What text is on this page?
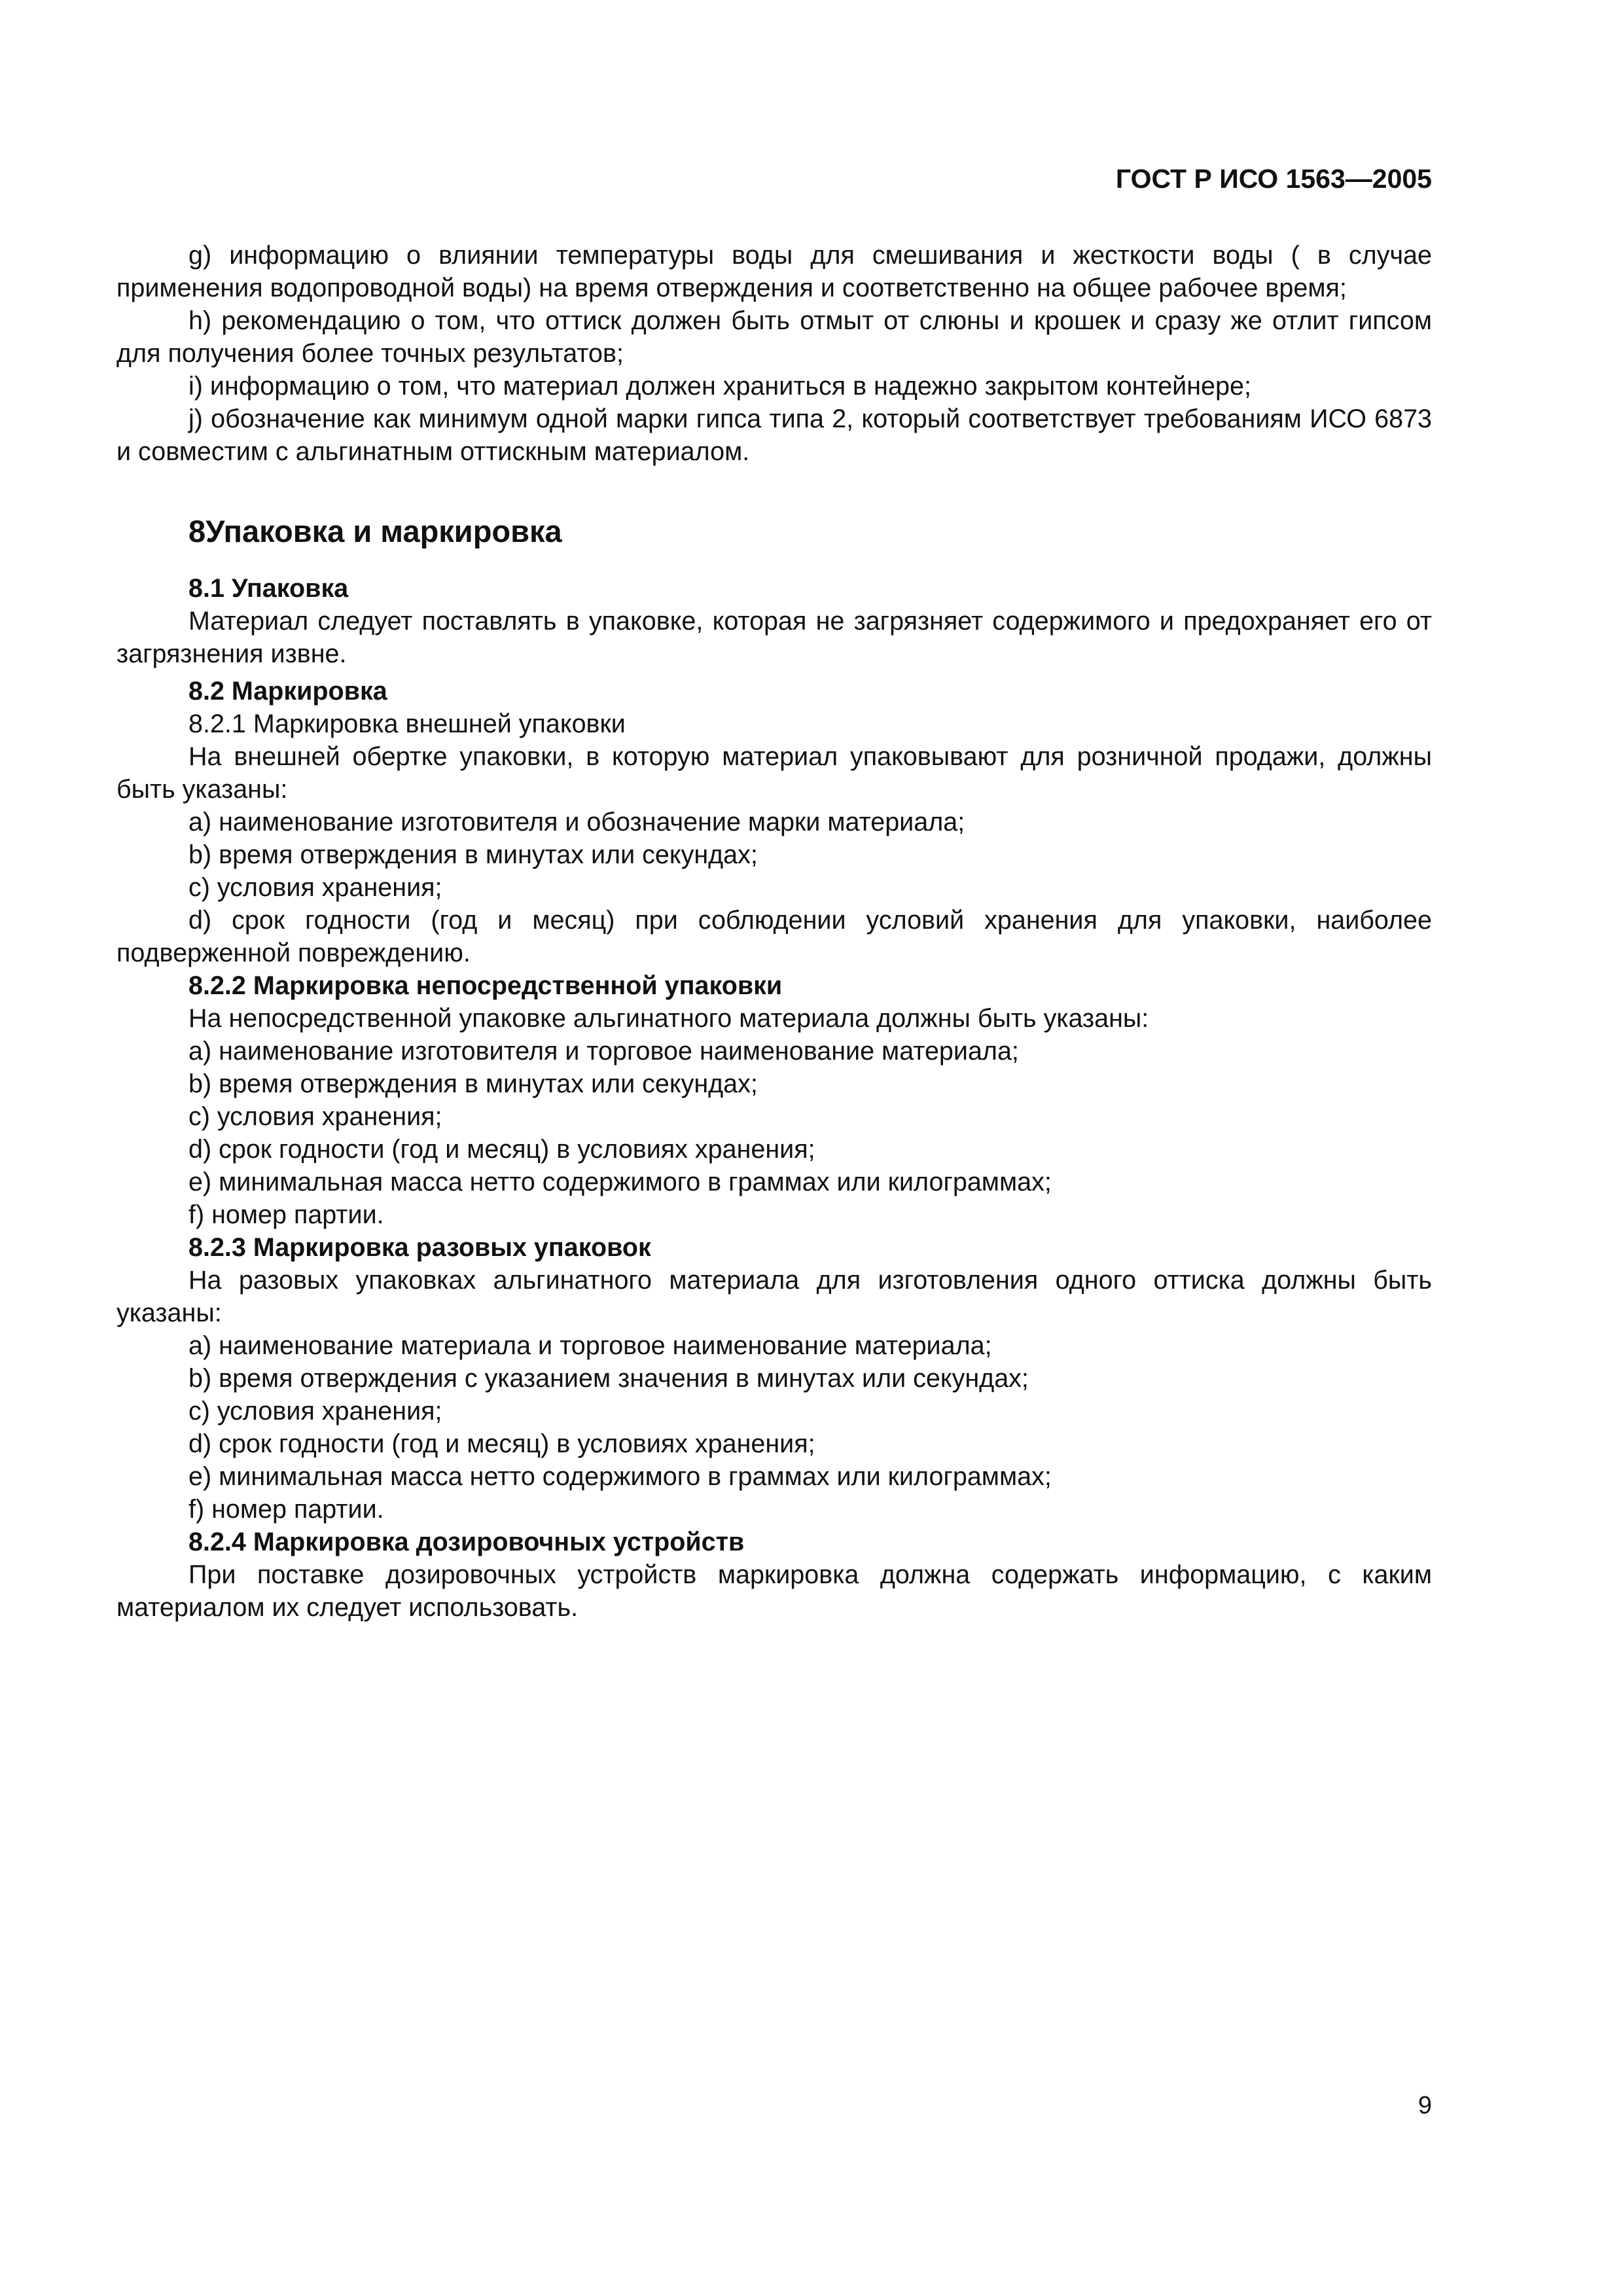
ГОСТ Р ИСО 1563—2005

g) информацию о влиянии температуры воды для смешивания и жесткости воды ( в случае применения водопроводной воды) на время отверждения и соответственно на общее рабочее время;

h) рекомендацию о том, что оттиск должен быть отмыт от слюны и крошек и сразу же отлит гипсом для получения более точных результатов;

i) информацию о том, что материал должен храниться в надежно закрытом контейнере;

j) обозначение как минимум одной марки гипса типа 2, который соответствует требованиям ИСО 6873 и совместим с альгинатным оттискным материалом.

8Упаковка и маркировка
8.1 Упаковка

Материал следует поставлять в упаковке, которая не загрязняет содержимого и предохраняет его от загрязнения извне.

8.2 Маркировка

8.2.1 Маркировка внешней упаковки

На внешней обертке упаковки, в которую материал упаковывают для розничной продажи, должны быть указаны:

a) наименование изготовителя и обозначение марки материала;

b) время отверждения в минутах или секундах;

c) условия хранения;

d) срок годности (год и месяц) при соблюдении условий хранения для упаковки, наиболее подверженной повреждению.

8.2.2 Маркировка непосредственной упаковки

На непосредственной упаковке альгинатного материала должны быть указаны:

a) наименование изготовителя и торговое наименование материала;

b) время отверждения в минутах или секундах;

c) условия хранения;

d) срок годности (год и месяц) в условиях хранения;

e) минимальная масса нетто содержимого в граммах или килограммах;

f) номер партии.

8.2.3 Маркировка разовых упаковок

На разовых упаковках альгинатного материала для изготовления одного оттиска должны быть указаны:

a) наименование материала и торговое наименование материала;

b) время отверждения с указанием значения в минутах или секундах;

c) условия хранения;

d) срок годности (год и месяц) в условиях хранения;

e) минимальная масса нетто содержимого в граммах или килограммах;

f) номер партии.

8.2.4 Маркировка дозировочных устройств

При поставке дозировочных устройств маркировка должна содержать информацию, с каким материалом их следует использовать.

9
